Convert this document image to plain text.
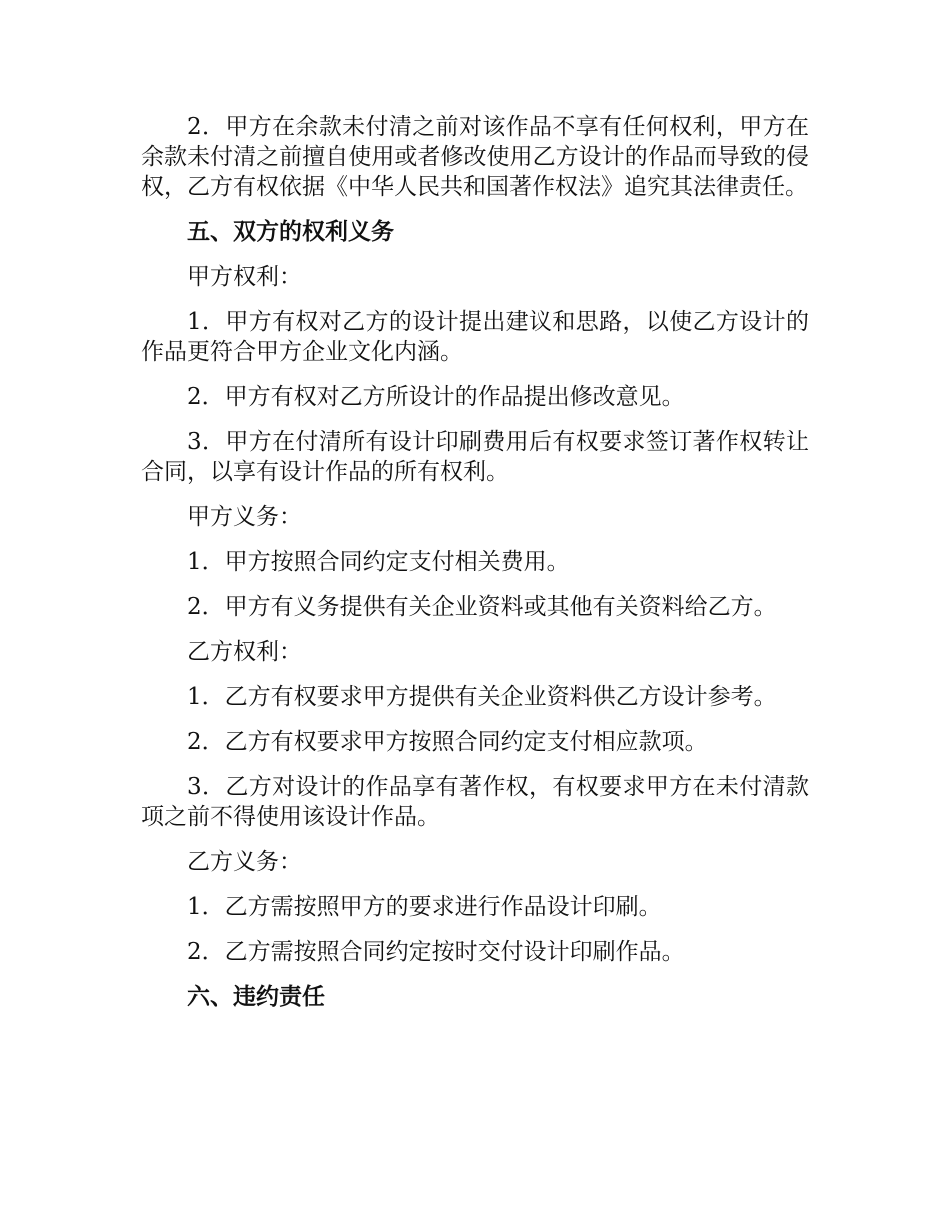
2．甲方在余款未付清之前对该作品不享有任何权利，甲方在余款未付清之前擅自使用或者修改使用乙方设计的作品而导致的侵权，乙方有权依据《中华人民共和国著作权法》追究其法律责任。

五、双方的权利义务

甲方权利：

1．甲方有权对乙方的设计提出建议和思路，以使乙方设计的作品更符合甲方企业文化内涵。

2．甲方有权对乙方所设计的作品提出修改意见。

3．甲方在付清所有设计印刷费用后有权要求签订著作权转让合同，以享有设计作品的所有权利。

甲方义务：

1．甲方按照合同约定支付相关费用。

2．甲方有义务提供有关企业资料或其他有关资料给乙方。

乙方权利：

1．乙方有权要求甲方提供有关企业资料供乙方设计参考。

2．乙方有权要求甲方按照合同约定支付相应款项。

3．乙方对设计的作品享有著作权，有权要求甲方在未付清款项之前不得使用该设计作品。

乙方义务：

1．乙方需按照甲方的要求进行作品设计印刷。

2．乙方需按照合同约定按时交付设计印刷作品。

六、违约责任
